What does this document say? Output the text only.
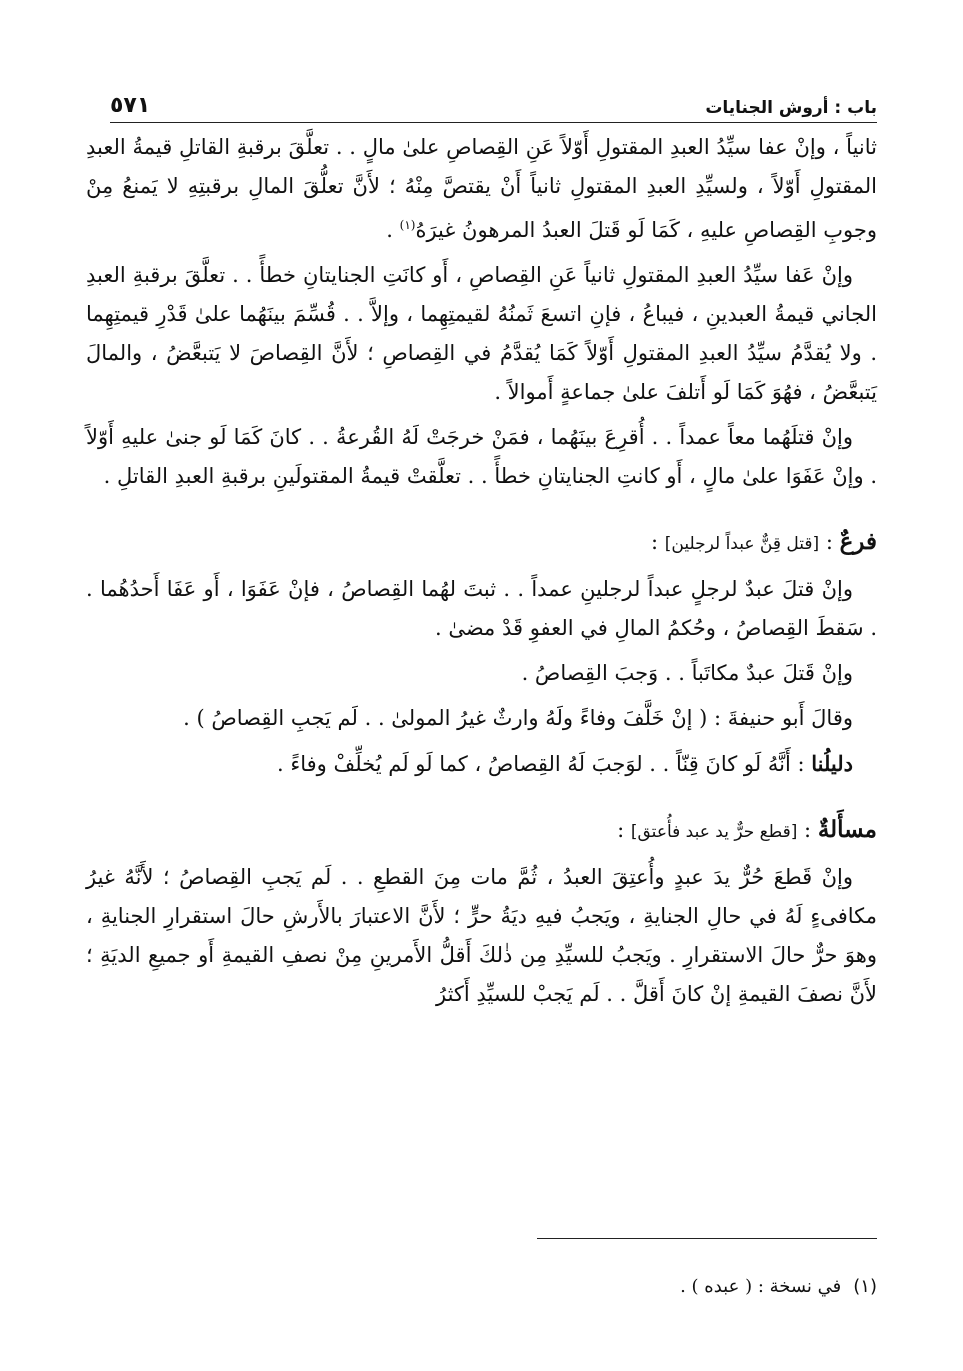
باب : أروش الجنايات
٥٧١

ثانياً ، وإنْ عفا سيِّدُ العبدِ المقتولِ أَوّلاً عَنِ القِصاصِ علىٰ مالٍ . . تعلَّقَ برقبةِ القاتلِ قيمةُ العبدِ المقتولِ أَوّلاً ، ولسيِّدِ العبدِ المقتولِ ثانياً أَنْ يقتصَّ مِنْهُ ؛ لأَنَّ تعلُّقَ المالِ برقبتِهِ لا يَمنعُ مِنْ وجوبِ القِصاصِ عليهِ ، كَمَا لَو قَتلَ العبدُ المرهونُ غيرَهُ$^{(١)}$ .

وإنْ عَفا سيِّدُ العبدِ المقتولِ ثانياً عَنِ القِصاصِ ، أَو كانَتِ الجنايتانِ خطأً . . تعلَّقَ برقبةِ العبدِ الجاني قيمةُ العبدينِ ، فيباعُ ، فإنِ اتسعَ ثَمنُهُ لقيمتِهِما ، وإلاَّ . . قُسِّمَ بينَهُما علىٰ قَدْرِ قيمتِهِما . ولا يُقدَّمُ سيِّدُ العبدِ المقتولِ أَوّلاً كَمَا يُقدَّمُ في القِصاصِ ؛ لأَنَّ القِصاصَ لا يَتبعَّضُ ، والمالَ يَتبعَّضُ ، فهُوَ كَمَا لَو أَتلفَ علىٰ جماعةٍ أَموالاً .

وإنْ قتلَهُما معاً عمداً . . أُقرِعَ بينَهُما ، فمَنْ خرجَتْ لَهُ القُرعةُ . . كانَ كَمَا لَو جنىٰ عليهِ أَوّلاً . وإنْ عَفَوَا علىٰ مالٍ ، أَو كانتِ الجنايتانِ خطأً . . تعلَّقتْ قيمةُ المقتولَينِ برقبةِ العبدِ القاتلِ .

فرعٌ : [قتل قِنٌّ عبداً لرجلين] :

وإنْ قتلَ عبدٌ لرجلٍ عبداً لرجلينِ عمداً . . ثبتَ لهُما القِصاصُ ، فإنْ عَفَوَا ، أَو عَفَا أَحدُهُما . . سَقطَ القِصاصُ ، وحُكمُ المالِ في العفوِ قَدْ مضىٰ .

وإنْ قَتلَ عبدٌ مكاتَباً . . وَجبَ القِصاصُ .

وقالَ أَبو حنيفةَ : ( إنْ خَلَّفَ وفاءً ولَهُ وارثٌ غيرُ المولىٰ . . لَم يَجبِ القِصاصُ ) .

دليلُنا : أَنَّهُ لَو كانَ قِنّاً . . لوَجبَ لَهُ القِصاصُ ، كما لَو لَم يُخلِّفْ وفاءً .

مسأَلةٌ : [قطع حرٌّ يد عبد فأُعتق] :

وإنْ قَطعَ حُرٌّ يدَ عبدٍ وأُعتِقَ العبدُ ، ثُمَّ مات مِنَ القطعِ . . لَم يَجبِ القِصاصُ ؛ لأَنَّهُ غيرُ مكافىءٍ لَهُ في حالِ الجنايةِ ، ويَجبُ فيهِ ديَةُ حرٍّ ؛ لأَنَّ الاعتبارَ بالأَرشِ حالَ استقرارِ الجنايةِ ، وهوَ حرٌّ حالَ الاستقرارِ . ويَجبُ للسيِّدِ مِن ذٰلكَ أَقلُّ الأَمرينِ مِنْ نصفِ القيمةِ أَو جميعِ الديَةِ ؛ لأَنَّ نصفَ القيمةِ إنْ كانَ أَقلَّ . . لَم يَجبْ للسيِّدِ أَكثرُ

(١)في نسخة : ( عبده ) .
